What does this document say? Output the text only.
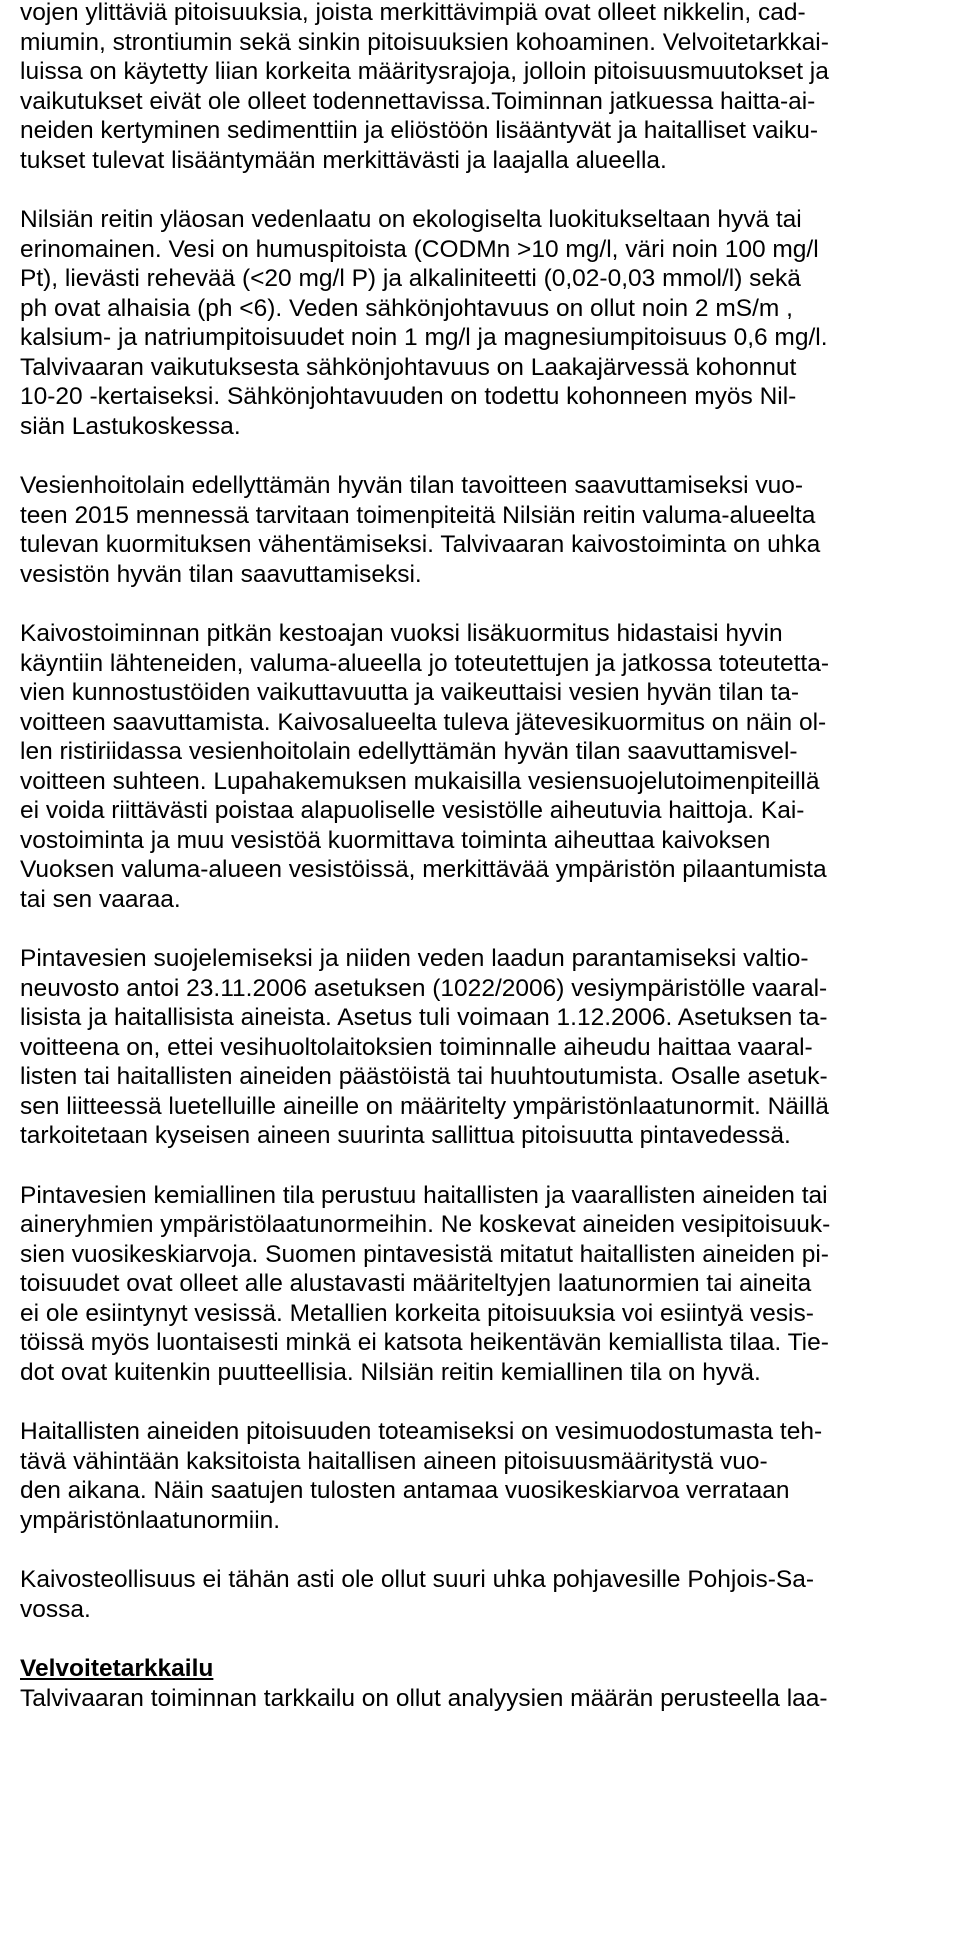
vojen ylittäviä pitoisuuksia, joista merkittävimpiä ovat olleet nikkelin, cad-
miumin, strontiumin sekä sinkin pitoisuuksien kohoaminen. Velvoitetarkkai-
luissa on käytetty liian korkeita määritysrajoja, jolloin pitoisuusmuutokset ja
vaikutukset eivät ole olleet todennettavissa.Toiminnan jatkuessa haitta-ai-
neiden kertyminen sedimenttiin ja eliöstöön lisääntyvät ja haitalliset vaiku-
tukset tulevat lisääntymään merkittävästi ja laajalla alueella.
Nilsiän reitin yläosan vedenlaatu on ekologiselta luokitukseltaan hyvä tai
erinomainen. Vesi on humuspitoista (CODMn >10 mg/l, väri noin 100 mg/l
Pt), lievästi rehevää (<20 mg/l P) ja alkaliniteetti (0,02-0,03 mmol/l) sekä
ph ovat alhaisia (ph <6). Veden sähkönjohtavuus on ollut noin 2 mS/m ,
kalsium- ja natriumpitoisuudet noin 1 mg/l ja magnesiumpitoisuus 0,6 mg/l.
Talvivaaran vaikutuksesta sähkönjohtavuus on Laakajärvessä kohonnut
10-20 -kertaiseksi. Sähkönjohtavuuden on todettu kohonneen myös Nil-
siän Lastukoskessa.
Vesienhoitolain edellyttämän hyvän tilan tavoitteen saavuttamiseksi vuo-
teen 2015 mennessä tarvitaan toimenpiteitä Nilsiän reitin valuma-alueelta
tulevan kuormituksen vähentämiseksi. Talvivaaran kaivostoiminta on uhka
vesistön hyvän tilan saavuttamiseksi.
Kaivostoiminnan pitkän kestoajan vuoksi lisäkuormitus hidastaisi hyvin
käyntiin lähteneiden, valuma-alueella jo toteutettujen ja jatkossa toteutetta-
vien kunnostustöiden vaikuttavuutta ja vaikeuttaisi vesien hyvän tilan ta-
voitteen saavuttamista. Kaivosalueelta tuleva jätevesikuormitus on näin ol-
len ristiriidassa vesienhoitolain edellyttämän hyvän tilan saavuttamisvel-
voitteen suhteen. Lupahakemuksen mukaisilla vesiensuojelutoimenpiteillä
ei voida riittävästi poistaa alapuoliselle vesistölle aiheutuvia haittoja. Kai-
vostoiminta ja muu vesistöä kuormittava toiminta aiheuttaa kaivoksen
Vuoksen valuma-alueen vesistöissä, merkittävää ympäristön pilaantumista
tai sen vaaraa.
Pintavesien suojelemiseksi ja niiden veden laadun parantamiseksi valtio-
neuvosto antoi 23.11.2006 asetuksen (1022/2006) vesiympäristölle vaaral-
lisista ja haitallisista aineista. Asetus tuli voimaan 1.12.2006. Asetuksen ta-
voitteena on, ettei vesihuoltolaitoksien toiminnalle aiheudu haittaa vaaral-
listen tai haitallisten aineiden päästöistä tai huuhtoutumista. Osalle asetuk-
sen liitteessä luetelluille aineille on määritelty ympäristönlaatunormit. Näillä
tarkoitetaan kyseisen aineen suurinta sallittua pitoisuutta pintavedessä.
Pintavesien kemiallinen tila perustuu haitallisten ja vaarallisten aineiden tai
aineryhmien ympäristölaatunormeihin. Ne koskevat aineiden vesipitoisuuk-
sien vuosikeskiarvoja. Suomen pintavesistä mitatut haitallisten aineiden pi-
toisuudet ovat olleet alle alustavasti määriteltyjen laatunormien tai aineita
ei ole esiintynyt vesissä. Metallien korkeita pitoisuuksia voi esiintyä vesis-
töissä myös luontaisesti minkä ei katsota heikentävän kemiallista tilaa. Tie-
dot ovat kuitenkin puutteellisia. Nilsiän reitin kemiallinen tila on hyvä.
Haitallisten aineiden pitoisuuden toteamiseksi on vesimuodostumasta teh-
tävä vähintään kaksitoista haitallisen aineen pitoisuusmääritystä vuo-
den aikana. Näin saatujen tulosten antamaa vuosikeskiarvoa verrataan
ympäristönlaatunormiin.
Kaivosteollisuus ei tähän asti ole ollut suuri uhka pohjavesille Pohjois-Sa-
vossa.
Velvoitetarkkailu
Talvivaaran toiminnan tarkkailu on ollut analyysien määrän perusteella laa-
